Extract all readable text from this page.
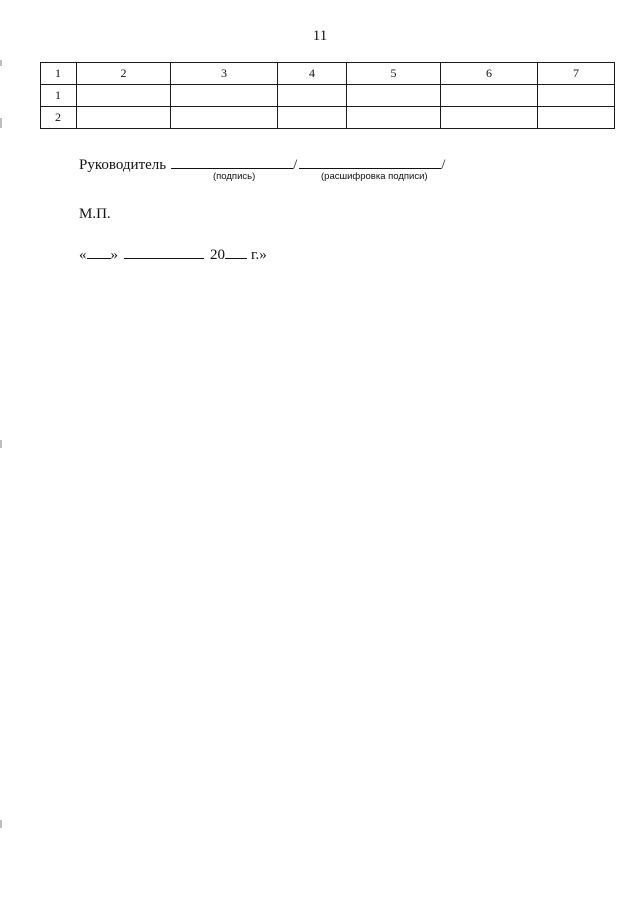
11
1	2	3	4	5	6	7
1						
2						
Руководитель	/	/
(подпись)	(расшифровка подписи)
М.П.
« »	20 г.»
